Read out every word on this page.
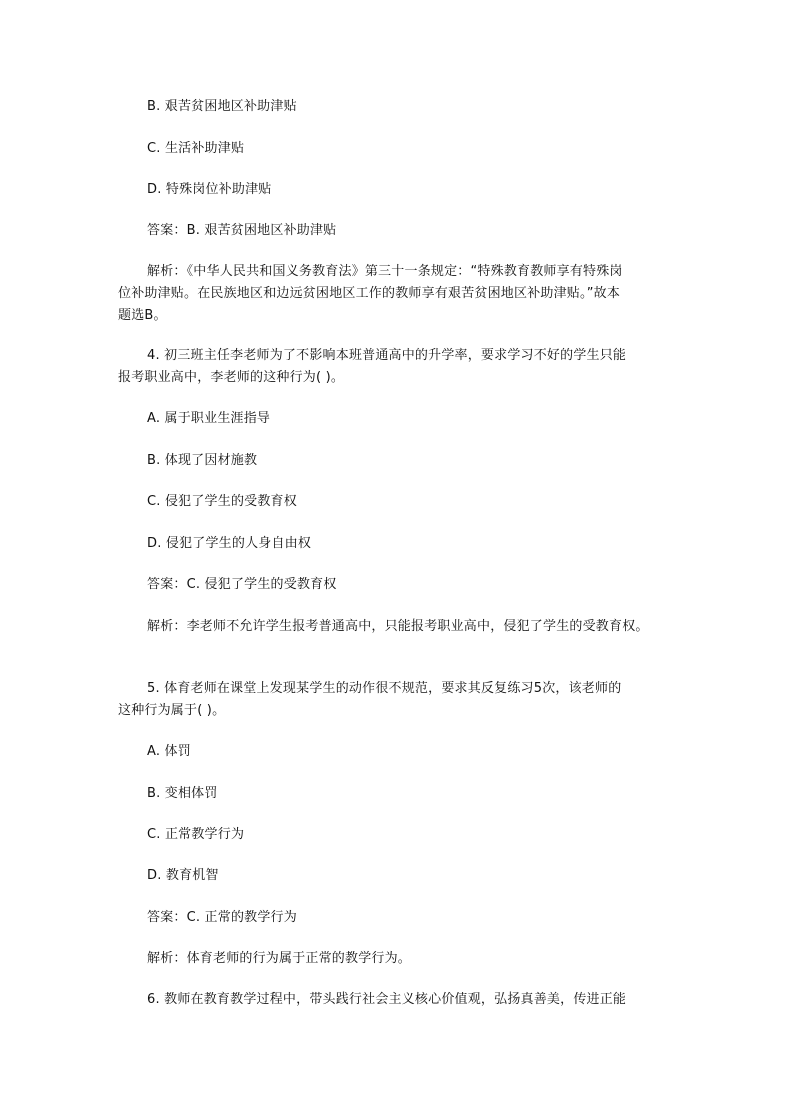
B. 艰苦贫困地区补助津贴
C. 生活补助津贴
D. 特殊岗位补助津贴
答案：B. 艰苦贫困地区补助津贴
解析：《中华人民共和国义务教育法》第三十一条规定：“特殊教育教师享有特殊岗
位补助津贴。在民族地区和边远贫困地区工作的教师享有艰苦贫困地区补助津贴。”故本
题选B。
4. 初三班主任李老师为了不影响本班普通高中的升学率，要求学习不好的学生只能
报考职业高中，李老师的这种行为( )。
A. 属于职业生涯指导
B. 体现了因材施教
C. 侵犯了学生的受教育权
D. 侵犯了学生的人身自由权
答案：C. 侵犯了学生的受教育权
解析：李老师不允许学生报考普通高中，只能报考职业高中，侵犯了学生的受教育权。
5. 体育老师在课堂上发现某学生的动作很不规范，要求其反复练习5次，该老师的
这种行为属于( )。
A. 体罚
B. 变相体罚
C. 正常教学行为
D. 教育机智
答案：C. 正常的教学行为
解析：体育老师的行为属于正常的教学行为。
6. 教师在教育教学过程中，带头践行社会主义核心价值观，弘扬真善美，传进正能
